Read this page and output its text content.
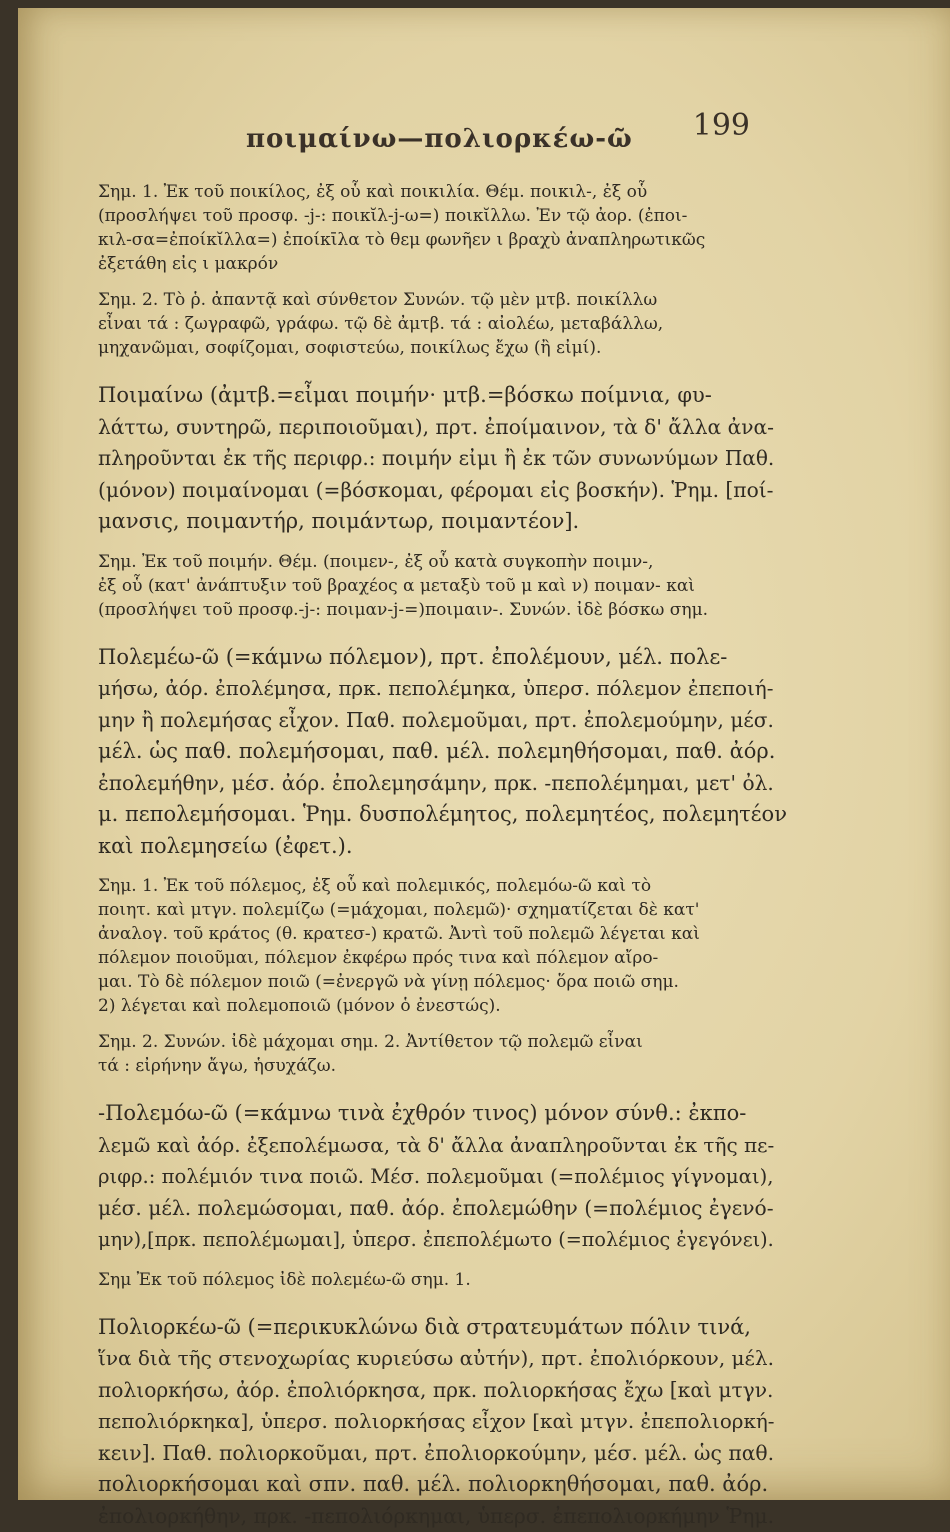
199
ποιμαίνω—πολιορκέω-ῶ
Σημ. 1. Ἐκ τοῦ ποικίλος, ἐξ οὗ καὶ ποικιλία. Θέμ. ποικιλ-, ἐξ οὗ
(προσλήψει τοῦ προσφ. -j-: ποικῐλ-j-ω=) ποικῐλλω. Ἐν τῷ ἀορ. (ἐποι-
κιλ-σα=ἐποίκῐλλα=) ἐποίκῑλα τὸ θεμ φωνῆεν ι βραχὺ ἀναπληρωτικῶς
ἐξετάθη εἰς ι μακρόν
Σημ. 2. Τὸ ῥ. ἀπαντᾷ καὶ σύνθετον Συνών. τῷ μὲν μτβ. ποικίλλω
εἶναι τά : ζωγραφῶ, γράφω. τῷ δὲ ἀμτβ. τά : αἰολέω, μεταβάλλω,
μηχανῶμαι, σοφίζομαι, σοφιστεύω, ποικίλως ἔχω (ἢ εἰμί).
Ποιμαίνω (ἀμτβ.=εἶμαι ποιμήν· μτβ.=βόσκω ποίμνια, φυ-
λάττω, συντηρῶ, περιποιοῦμαι), πρτ. ἐποίμαινον, τὰ δ' ἄλλα ἀνα-
πληροῦνται ἐκ τῆς περιφρ.: ποιμήν εἰμι ἢ ἐκ τῶν συνωνύμων Παθ.
(μόνον) ποιμαίνομαι (=βόσκομαι, φέρομαι εἰς βοσκήν). Ῥημ. [ποί-
μανσις, ποιμαντήρ, ποιμάντωρ, ποιμαντέον].
Σημ. Ἐκ τοῦ ποιμήν. Θέμ. (ποιμεν-, ἐξ οὗ κατὰ συγκοπὴν ποιμν-,
ἐξ οὗ (κατ' ἀνάπτυξιν τοῦ βραχέος α μεταξὺ τοῦ μ καὶ ν) ποιμαν- καὶ
(προσλήψει τοῦ προσφ.-j-: ποιμαν-j-=)ποιμαιν-. Συνών. ἰδὲ βόσκω σημ.
Πολεμέω-ῶ (=κάμνω πόλεμον), πρτ. ἐπολέμουν, μέλ. πολε-
μήσω, ἀόρ. ἐπολέμησα, πρκ. πεπολέμηκα, ὑπερσ. πόλεμον ἐπεποιή-
μην ἢ πολεμήσας εἶχον. Παθ. πολεμοῦμαι, πρτ. ἐπολεμούμην, μέσ.
μέλ. ὡς παθ. πολεμήσομαι, παθ. μέλ. πολεμηθήσομαι, παθ. ἀόρ.
ἐπολεμήθην, μέσ. ἀόρ. ἐπολεμησάμην, πρκ. -πεπολέμημαι, μετ' ὀλ.
μ. πεπολεμήσομαι. Ῥημ. δυσπολέμητος, πολεμητέος, πολεμητέον
καὶ πολεμησείω (ἐφετ.).
Σημ. 1. Ἐκ τοῦ πόλεμος, ἐξ οὗ καὶ πολεμικός, πολεμόω-ῶ καὶ τὸ
ποιητ. καὶ μτγν. πολεμίζω (=μάχομαι, πολεμῶ)· σχηματίζεται δὲ κατ'
ἀναλογ. τοῦ κράτος (θ. κρατεσ-) κρατῶ. Ἀντὶ τοῦ πολεμῶ λέγεται καὶ
πόλεμον ποιοῦμαι, πόλεμον ἐκφέρω πρός τινα καὶ πόλεμον αἴρο-
μαι. Τὸ δὲ πόλεμον ποιῶ (=ἐνεργῶ νὰ γίνῃ πόλεμος· ὅρα ποιῶ σημ.
2) λέγεται καὶ πολεμοποιῶ (μόνον ὁ ἐνεστώς).
Σημ. 2. Συνών. ἰδὲ μάχομαι σημ. 2. Ἀντίθετον τῷ πολεμῶ εἶναι
τά : εἰρήνην ἄγω, ἡσυχάζω.
-Πολεμόω-ῶ (=κάμνω τινὰ ἐχθρόν τινος) μόνον σύνθ.: ἐκπο-
λεμῶ καὶ ἀόρ. ἐξεπολέμωσα, τὰ δ' ἄλλα ἀναπληροῦνται ἐκ τῆς πε-
ριφρ.: πολέμιόν τινα ποιῶ. Μέσ. πολεμοῦμαι (=πολέμιος γίγνομαι),
μέσ. μέλ. πολεμώσομαι, παθ. ἀόρ. ἐπολεμώθην (=πολέμιος ἐγενό-
μην),[πρκ. πεπολέμωμαι], ὑπερσ. ἐπεπολέμωτο (=πολέμιος ἐγεγόνει).
Σημ Ἐκ τοῦ πόλεμος ἰδὲ πολεμέω-ῶ σημ. 1.
Πολιορκέω-ῶ (=περικυκλώνω διὰ στρατευμάτων πόλιν τινά,
ἵνα διὰ τῆς στενοχωρίας κυριεύσω αὐτήν), πρτ. ἐπολιόρκουν, μέλ.
πολιορκήσω, ἀόρ. ἐπολιόρκησα, πρκ. πολιορκήσας ἔχω [καὶ μτγν.
πεπολιόρκηκα], ὑπερσ. πολιορκήσας εἶχον [καὶ μτγν. ἐπεπολιορκή-
κειν]. Παθ. πολιορκοῦμαι, πρτ. ἐπολιορκούμην, μέσ. μέλ. ὡς παθ.
πολιορκήσομαι καὶ σπν. παθ. μέλ. πολιορκηθήσομαι, παθ. ἀόρ.
ἐπολιορκήθην, πρκ. -πεπολιόρκημαι, ὑπερσ. ἐπεπολιορκήμην Ῥημ.
